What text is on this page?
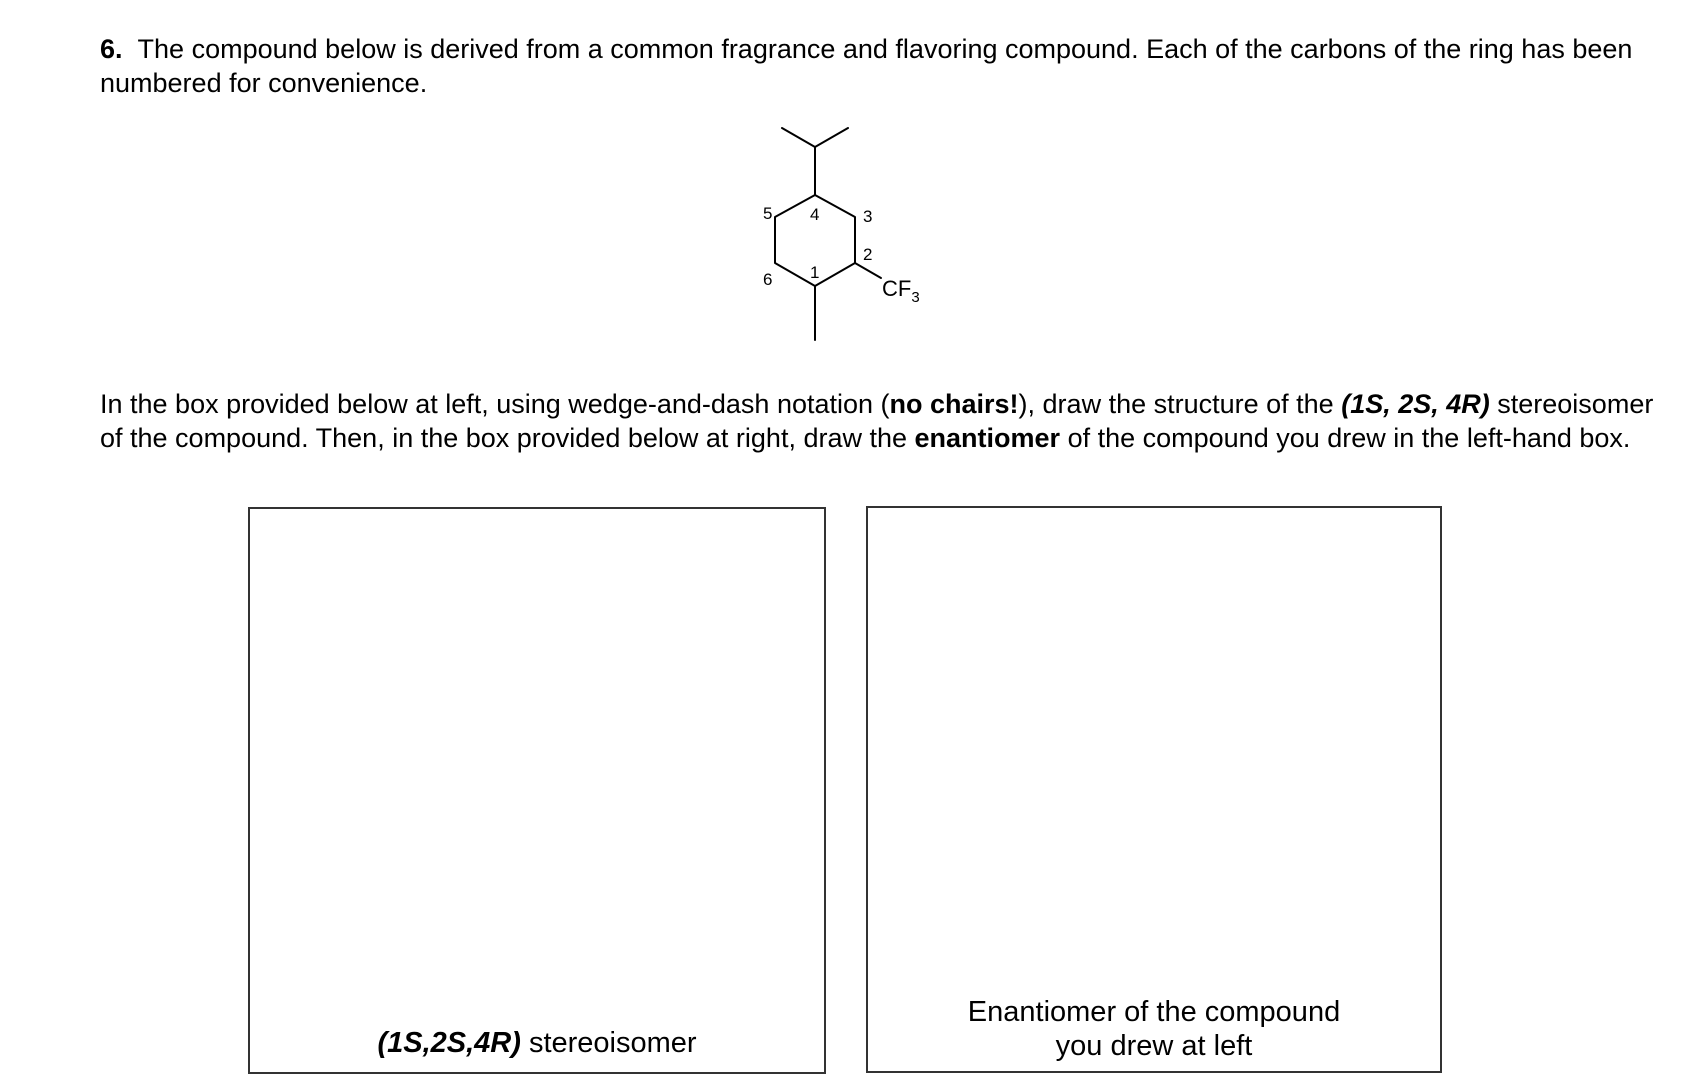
6. The compound below is derived from a common fragrance and flavoring compound. Each of the carbons of the ring has been numbered for convenience.

5 4	3
2
1
6	$CF_3$

In the box provided below at left, using wedge-and-dash notation (no chairs!), draw the structure of the (1S, 2S, 4R) stereoisomer of the compound. Then, in the box provided below at right, draw the enantiomer of the compound you drew in the left-hand box.

(1S,2S,4R) stereoisomer
Enantiomer of the compound
you drew at left
